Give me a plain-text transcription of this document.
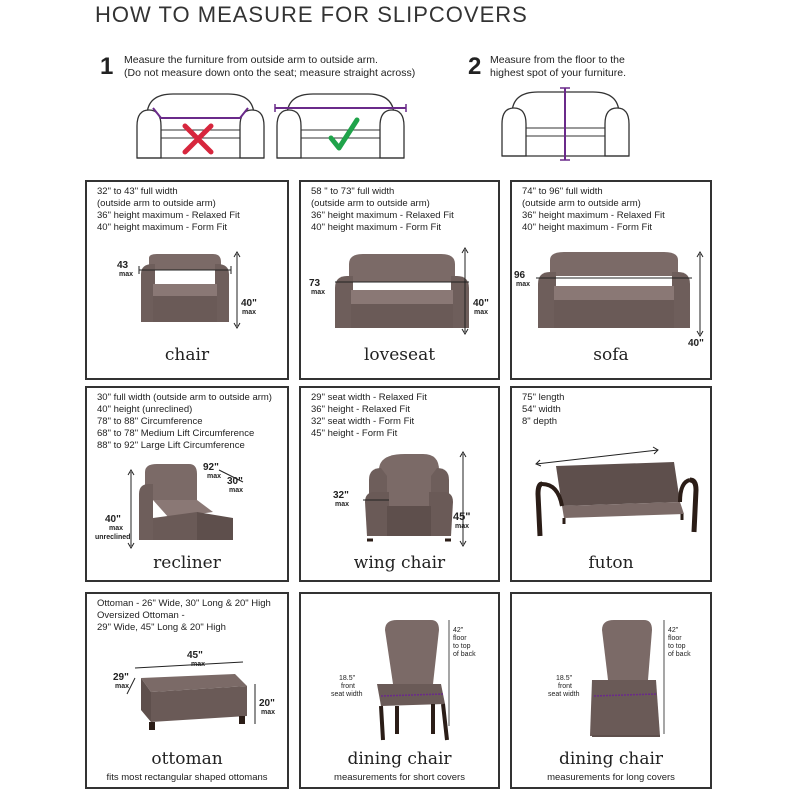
HOW TO MEASURE FOR SLIPCOVERS
1 Measure the furniture from outside arm to outside arm.
(Do not measure down onto the seat; measure straight across) 2 Measure from the floor to the
highest spot of your furniture.
32" to 43" full width
(outside arm to outside arm)
36" height maximum - Relaxed Fit
40" height maximum - Form Fit
43
max
40"
max
chair
58 " to 73" full width
(outside arm to outside arm)
36" height maximum - Relaxed Fit
40" height maximum - Form Fit
73
max
40"
max
loveseat
74" to 96" full width
(outside arm to outside arm)
36" height maximum - Relaxed Fit
40" height maximum - Form Fit
96
max
40"
sofa
30" full width (outside arm to outside arm)
40" height (unreclined)
78" to 88" Circumference
68" to 78" Medium Lift Circumference
88" to 92" Large Lift Circumference
92"
max 30"
max
40"
max
unreclined
recliner
29" seat width - Relaxed Fit
36" height - Relaxed Fit
32" seat width - Form Fit
45" height - Form Fit
32"
max
45"
max
wing chair
75" length
54" width
8" depth
futon
Ottoman - 26" Wide, 30" Long & 20" High
Oversized Ottoman -
29" Wide, 45" Long & 20" High
45"
29"
max
20"
max
ottoman
fits most rectangular shaped ottomans
18.5"
front
seat width
42"
floor
to top
of back
dining chair
measurements for short covers
18.5"
front
seat width
42"
floor
to top
of back
dining chair
measurements for long covers
